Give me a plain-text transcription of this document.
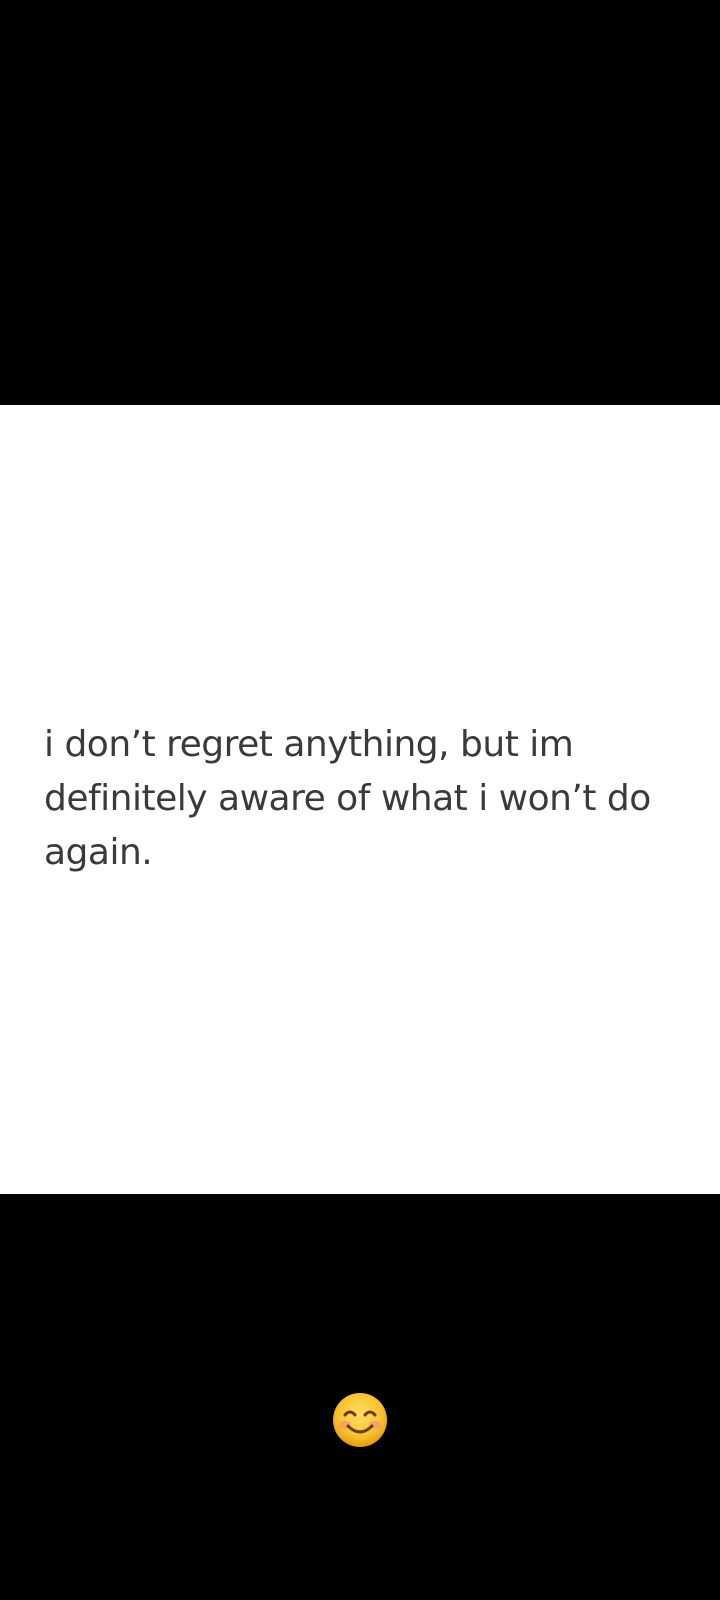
i don’t regret anything, but im
definitely aware of what i won’t do
again.
